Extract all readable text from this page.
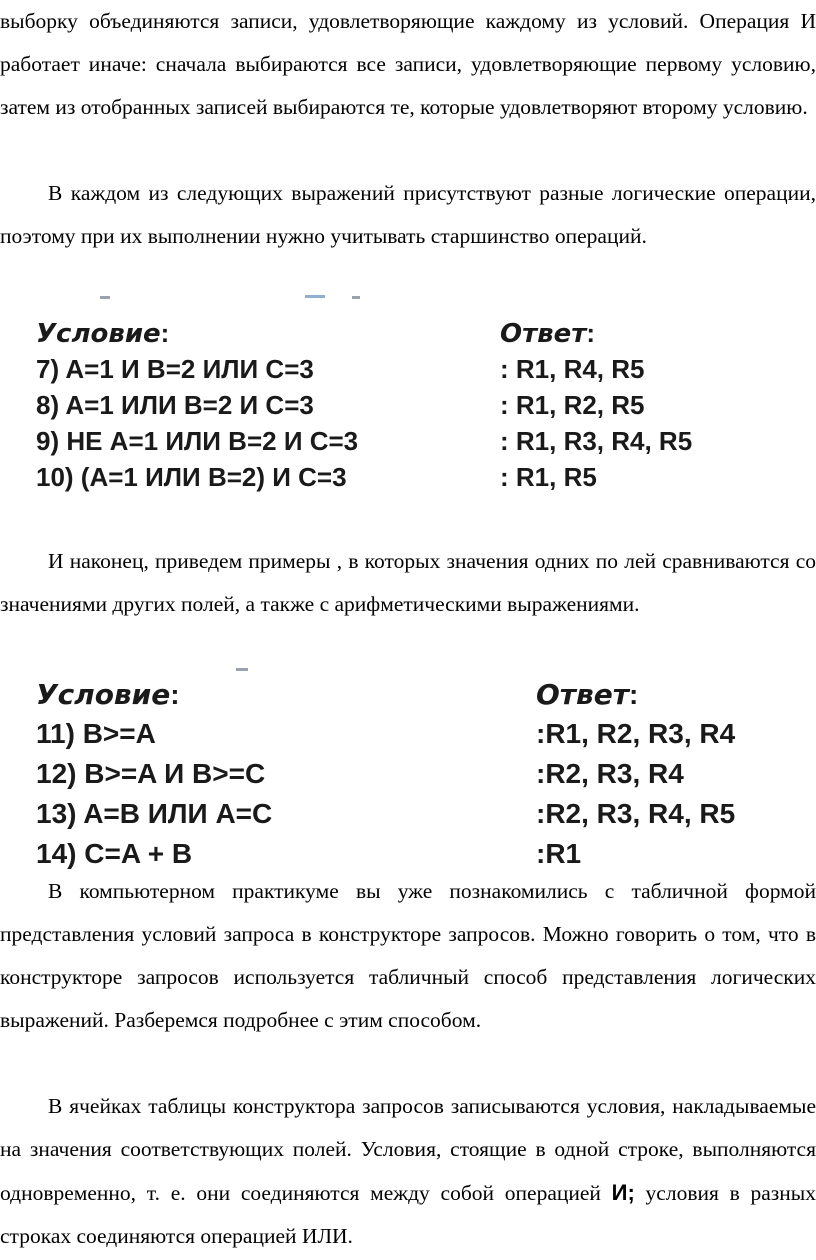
выборку объединяются записи, удовлетворяющие каждому из условий. Операция И работает иначе: сначала выбираются все записи, удовлетворяющие первому условию, затем из отобранных записей выбираются те, которые удовлетворяют второму условию.

В каждом из следующих выражений присутствуют разные логические операции, поэтому при их выполнении нужно учитывать старшинство операций.

Условие:	Ответ:
7) A=1 И B=2 ИЛИ C=3	: R1, R4, R5
8) A=1 ИЛИ B=2 И C=3	: R1, R2, R5
9) НЕ A=1 ИЛИ B=2 И C=3	: R1, R3, R4, R5
10) (A=1 ИЛИ B=2) И C=3	: R1, R5

И наконец, приведем примеры , в которых значения одних по лей сравниваются со значениями других полей, а также с арифметическими выражениями.

Условие:	Ответ:
11) B>=A	:R1, R2, R3, R4
12) B>=A И B>=C	:R2, R3, R4
13) A=B ИЛИ A=C	:R2, R3, R4, R5
14) C=A + B	:R1

В компьютерном практикуме вы уже познакомились с табличной формой представления условий запроса в конструкторе запросов. Можно говорить о том, что в конструкторе запросов используется табличный способ представления логических выражений. Разберемся подробнее с этим способом.

В ячейках таблицы конструктора запросов записываются условия, накладываемые на значения соответствующих полей. Условия, стоящие в одной строке, выполняются одновременно, т. е. они соединяются между собой операцией И; условия в разных строках соединяются операцией ИЛИ.
